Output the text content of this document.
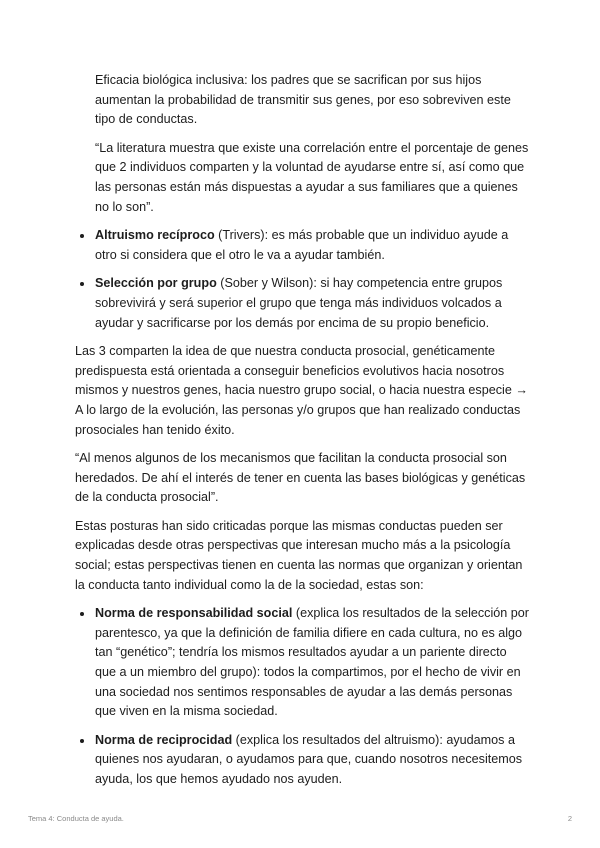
Eficacia biológica inclusiva: los padres que se sacrifican por sus hijos aumentan la probabilidad de transmitir sus genes, por eso sobreviven este tipo de conductas.

“La literatura muestra que existe una correlación entre el porcentaje de genes que 2 individuos comparten y la voluntad de ayudarse entre sí, así como que las personas están más dispuestas a ayudar a sus familiares que a quienes no lo son”.

Altruismo recíproco (Trivers): es más probable que un individuo ayude a otro si considera que el otro le va a ayudar también.
Selección por grupo (Sober y Wilson): si hay competencia entre grupos sobrevivirá y será superior el grupo que tenga más individuos volcados a ayudar y sacrificarse por los demás por encima de su propio beneficio.

Las 3 comparten la idea de que nuestra conducta prosocial, genéticamente predispuesta está orientada a conseguir beneficios evolutivos hacia nosotros mismos y nuestros genes, hacia nuestro grupo social, o hacia nuestra especie → A lo largo de la evolución, las personas y/o grupos que han realizado conductas prosociales han tenido éxito.

“Al menos algunos de los mecanismos que facilitan la conducta prosocial son heredados. De ahí el interés de tener en cuenta las bases biológicas y genéticas de la conducta prosocial”.

Estas posturas han sido criticadas porque las mismas conductas pueden ser explicadas desde otras perspectivas que interesan mucho más a la psicología social; estas perspectivas tienen en cuenta las normas que organizan y orientan la conducta tanto individual como la de la sociedad, estas son:

Norma de responsabilidad social (explica los resultados de la selección por parentesco, ya que la definición de familia difiere en cada cultura, no es algo tan “genético”; tendría los mismos resultados ayudar a un pariente directo que a un miembro del grupo): todos la compartimos, por el hecho de vivir en una sociedad nos sentimos responsables de ayudar a las demás personas que viven en la misma sociedad.
Norma de reciprocidad (explica los resultados del altruismo): ayudamos a quienes nos ayudaran, o ayudamos para que, cuando nosotros necesitemos ayuda, los que hemos ayudado nos ayuden.
Tema 4: Conducta de ayuda.	2
